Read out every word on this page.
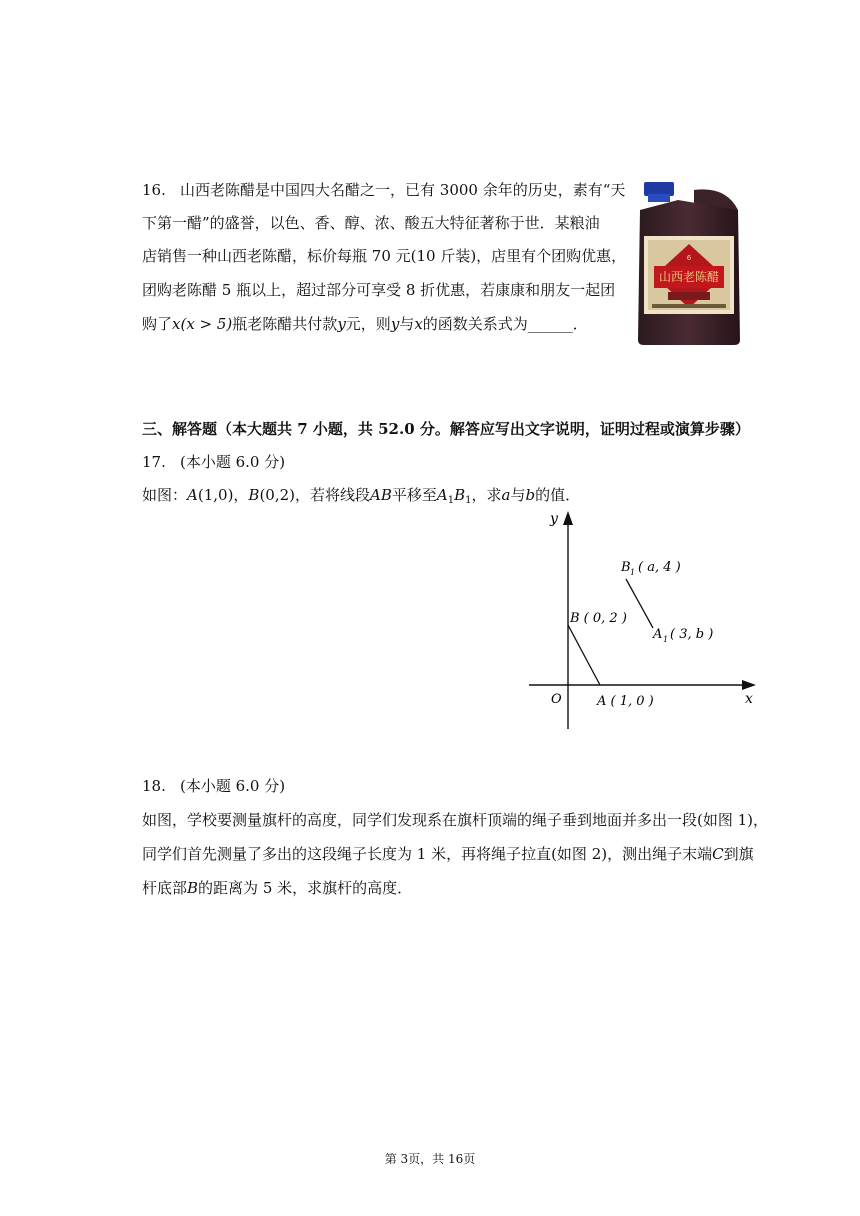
16. 山西老陈醋是中国四大名醋之一，已有 3000 余年的历史，素有“天
下第一醋”的盛誉，以色、香、醇、浓、酸五大特征著称于世．某粮油
店销售一种山西老陈醋，标价每瓶 70 元(10 斤装)，店里有个团购优惠，
团购老陈醋 5 瓶以上，超过部分可享受 8 折优惠，若康康和朋友一起团
购了x(x > 5)瓶老陈醋共付款y元，则y与x的函数关系式为______．
山西老陈醋
6
三、解答题（本大题共 7 小题，共 52.0 分。解答应写出文字说明，证明过程或演算步骤）
17. (本小题 6.0 分)
如图：A(1,0)，B(0,2)，若将线段AB平移至$A_1B_1$，求a与b的值．
y
x
O	A ( 1, 0 )
B ( 0, 2 )
B 1 ( a, 4 )
A 1 ( 3, b )
18. (本小题 6.0 分)
如图，学校要测量旗杆的高度，同学们发现系在旗杆顶端的绳子垂到地面并多出一段(如图 1)，
同学们首先测量了多出的这段绳子长度为 1 米，再将绳子拉直(如图 2)，测出绳子末端C到旗
杆底部B的距离为 5 米，求旗杆的高度．
第 3页，共 16页
